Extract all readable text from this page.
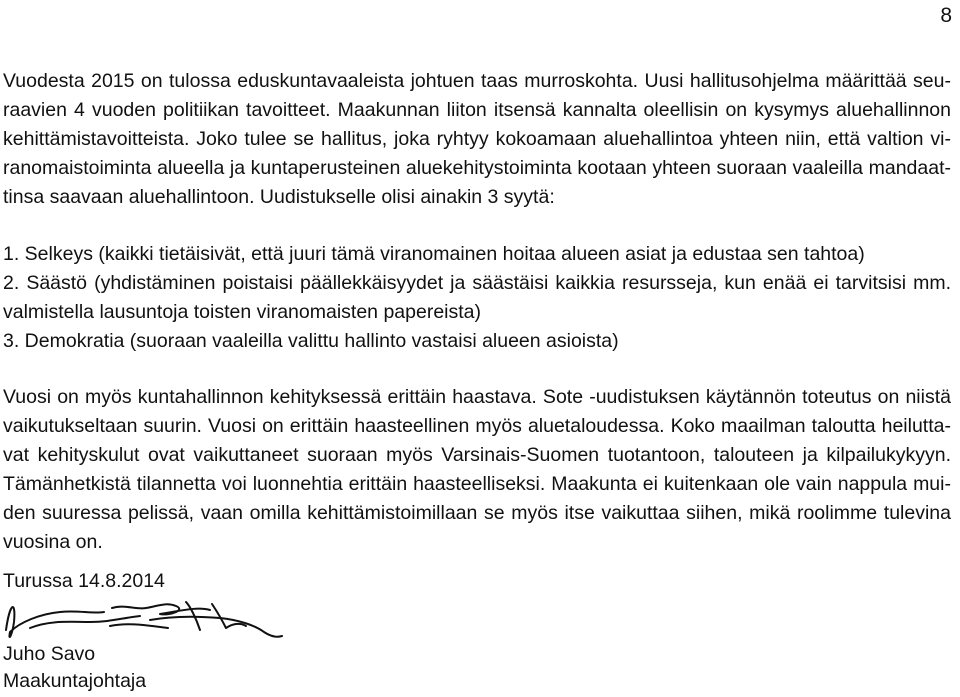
8

Vuodesta 2015 on tulossa eduskuntavaaleista johtuen taas murroskohta. Uusi hallitusohjelma määrittää seuraavien 4 vuoden politiikan tavoitteet. Maakunnan liiton itsensä kannalta oleellisin on kysymys aluehallinnon kehittämistavoitteista. Joko tulee se hallitus, joka ryhtyy kokoamaan aluehallintoa yhteen niin, että valtion viranomaistoiminta alueella ja kuntaperusteinen aluekehitystoiminta kootaan yhteen suoraan vaaleilla mandaattinsa saavaan aluehallintoon. Uudistukselle olisi ainakin 3 syytä:

1. Selkeys (kaikki tietäisivät, että juuri tämä viranomainen hoitaa alueen asiat ja edustaa sen tahtoa)

2. Säästö (yhdistäminen poistaisi päällekkäisyydet ja säästäisi kaikkia resursseja, kun enää ei tarvitsisi mm. valmistella lausuntoja toisten viranomaisten papereista)

3. Demokratia (suoraan vaaleilla valittu hallinto vastaisi alueen asioista)

Vuosi on myös kuntahallinnon kehityksessä erittäin haastava. Sote -uudistuksen käytännön toteutus on niistä vaikutukseltaan suurin. Vuosi on erittäin haasteellinen myös aluetaloudessa. Koko maailman taloutta heiluttavat kehityskulut ovat vaikuttaneet suoraan myös Varsinais-Suomen tuotantoon, talouteen ja kilpailukykyyn. Tämänhetkistä tilannetta voi luonnehtia erittäin haasteelliseksi. Maakunta ei kuitenkaan ole vain nappula muiden suuressa pelissä, vaan omilla kehittämistoimillaan se myös itse vaikuttaa siihen, mikä roolimme tulevina vuosina on.

Turussa 14.8.2014
Juho Savo
Maakuntajohtaja
